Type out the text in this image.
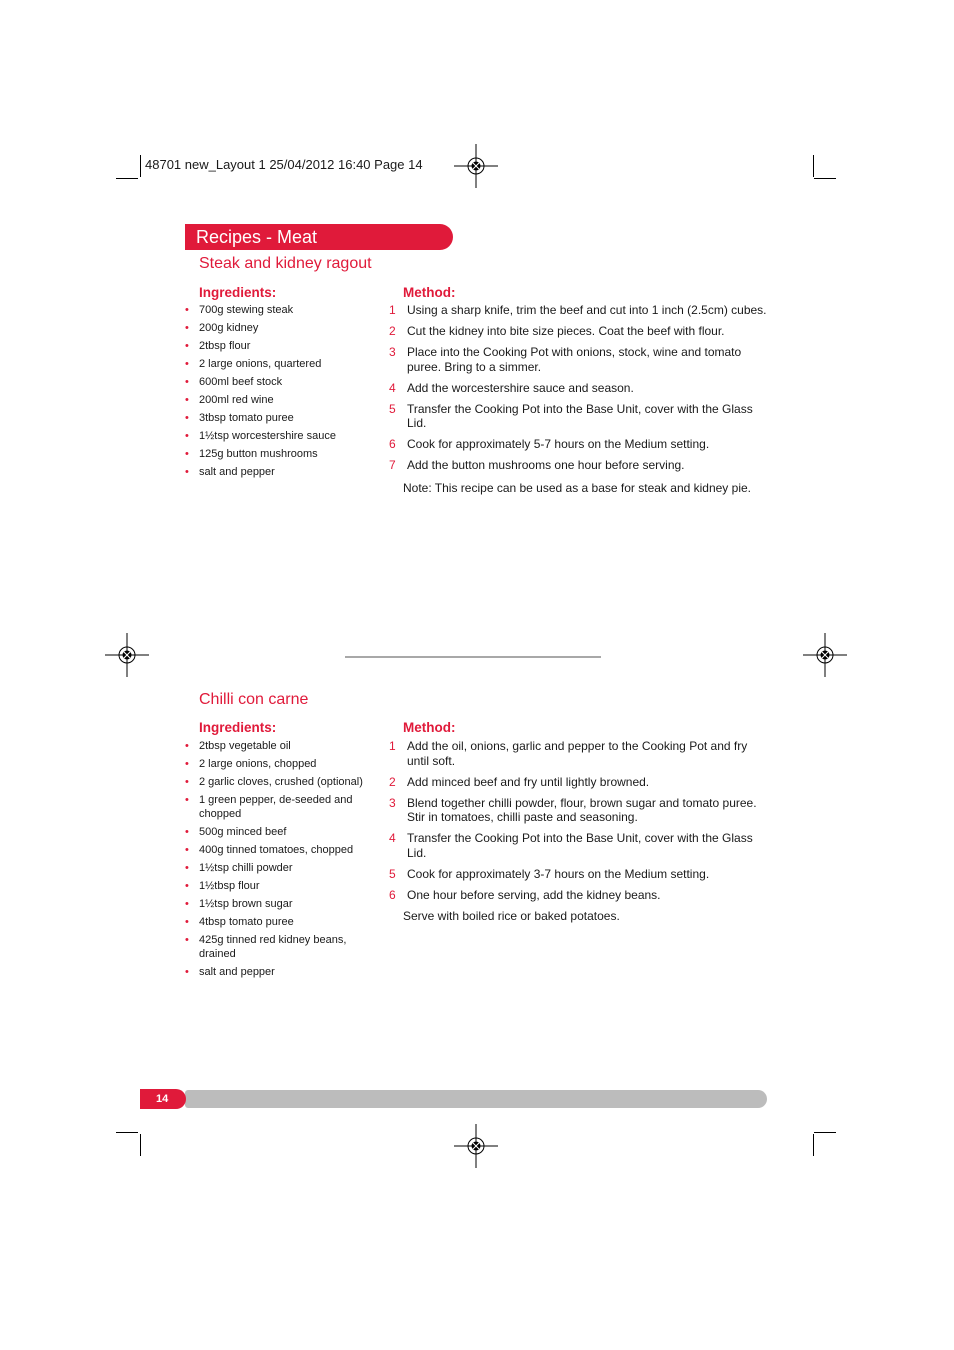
48701 new_Layout 1 25/04/2012 16:40 Page 14
Recipes - Meat
Steak and kidney ragout
Ingredients:	Method:
• 700g stewing steak
• 200g kidney
• 2tbsp flour
• 2 large onions, quartered
• 600ml beef stock
• 200ml red wine
• 3tbsp tomato puree
• 1½tsp worcestershire sauce
• 125g button mushrooms
• salt and pepper
1 Using a sharp knife, trim the beef and cut into 1 inch (2.5cm) cubes.
2 Cut the kidney into bite size pieces. Coat the beef with flour.
3 Place into the Cooking Pot with onions, stock, wine and tomato puree. Bring to a simmer.
4 Add the worcestershire sauce and season.
5 Transfer the Cooking Pot into the Base Unit, cover with the Glass Lid.
6 Cook for approximately 5-7 hours on the Medium setting.
7 Add the button mushrooms one hour before serving.
Note: This recipe can be used as a base for steak and kidney pie.
Chilli con carne
Ingredients:	Method:
• 2tbsp vegetable oil
• 2 large onions, chopped
• 2 garlic cloves, crushed (optional)
• 1 green pepper, de-seeded and chopped
• 500g minced beef
• 400g tinned tomatoes, chopped
• 1½tsp chilli powder
• 1½tbsp flour
• 1½tsp brown sugar
• 4tbsp tomato puree
• 425g tinned red kidney beans, drained
• salt and pepper
1 Add the oil, onions, garlic and pepper to the Cooking Pot and fry until soft.
2 Add minced beef and fry until lightly browned.
3 Blend together chilli powder, flour, brown sugar and tomato puree. Stir in tomatoes, chilli paste and seasoning.
4 Transfer the Cooking Pot into the Base Unit, cover with the Glass Lid.
5 Cook for approximately 3-7 hours on the Medium setting.
6 One hour before serving, add the kidney beans.
Serve with boiled rice or baked potatoes.
14
